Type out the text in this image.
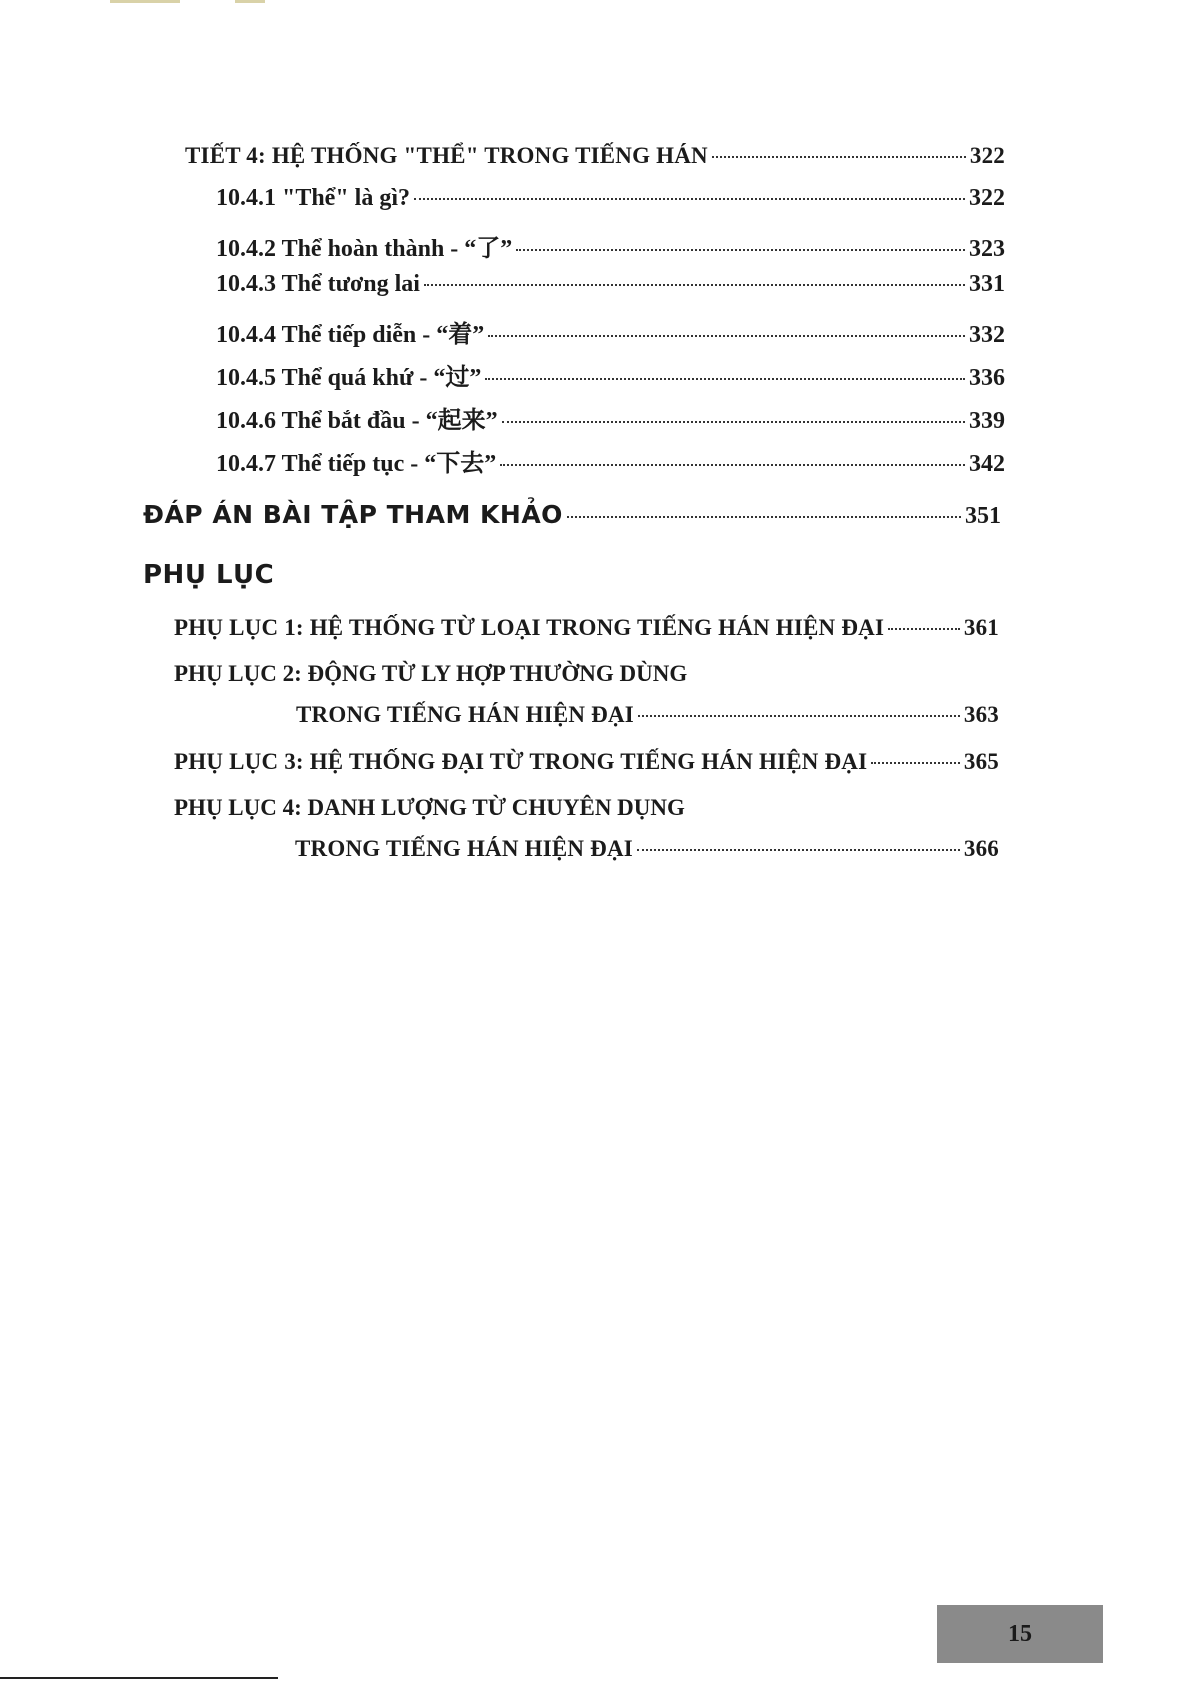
TIẾT 4: HỆ THỐNG "THỂ" TRONG TIẾNG HÁN	322
10.4.1 "Thể" là gì?	322
10.4.2 Thể hoàn thành - “了”	323
10.4.3 Thể tương lai	331
10.4.4 Thể tiếp diễn - “着”	332
10.4.5 Thể quá khứ - “过”	336
10.4.6 Thể bắt đầu - “起来”	339
10.4.7 Thể tiếp tục - “下去”	342
ĐÁP ÁN BÀI TẬP THAM KHẢO	351
PHỤ LỤC
PHỤ LỤC 1: HỆ THỐNG TỪ LOẠI TRONG TIẾNG HÁN HIỆN ĐẠI	361
PHỤ LỤC 2: ĐỘNG TỪ LY HỢP THƯỜNG DÙNG
TRONG TIẾNG HÁN HIỆN ĐẠI	363
PHỤ LỤC 3: HỆ THỐNG ĐẠI TỪ TRONG TIẾNG HÁN HIỆN ĐẠI	365
PHỤ LỤC 4: DANH LƯỢNG TỪ CHUYÊN DỤNG
TRONG TIẾNG HÁN HIỆN ĐẠI	366
15
